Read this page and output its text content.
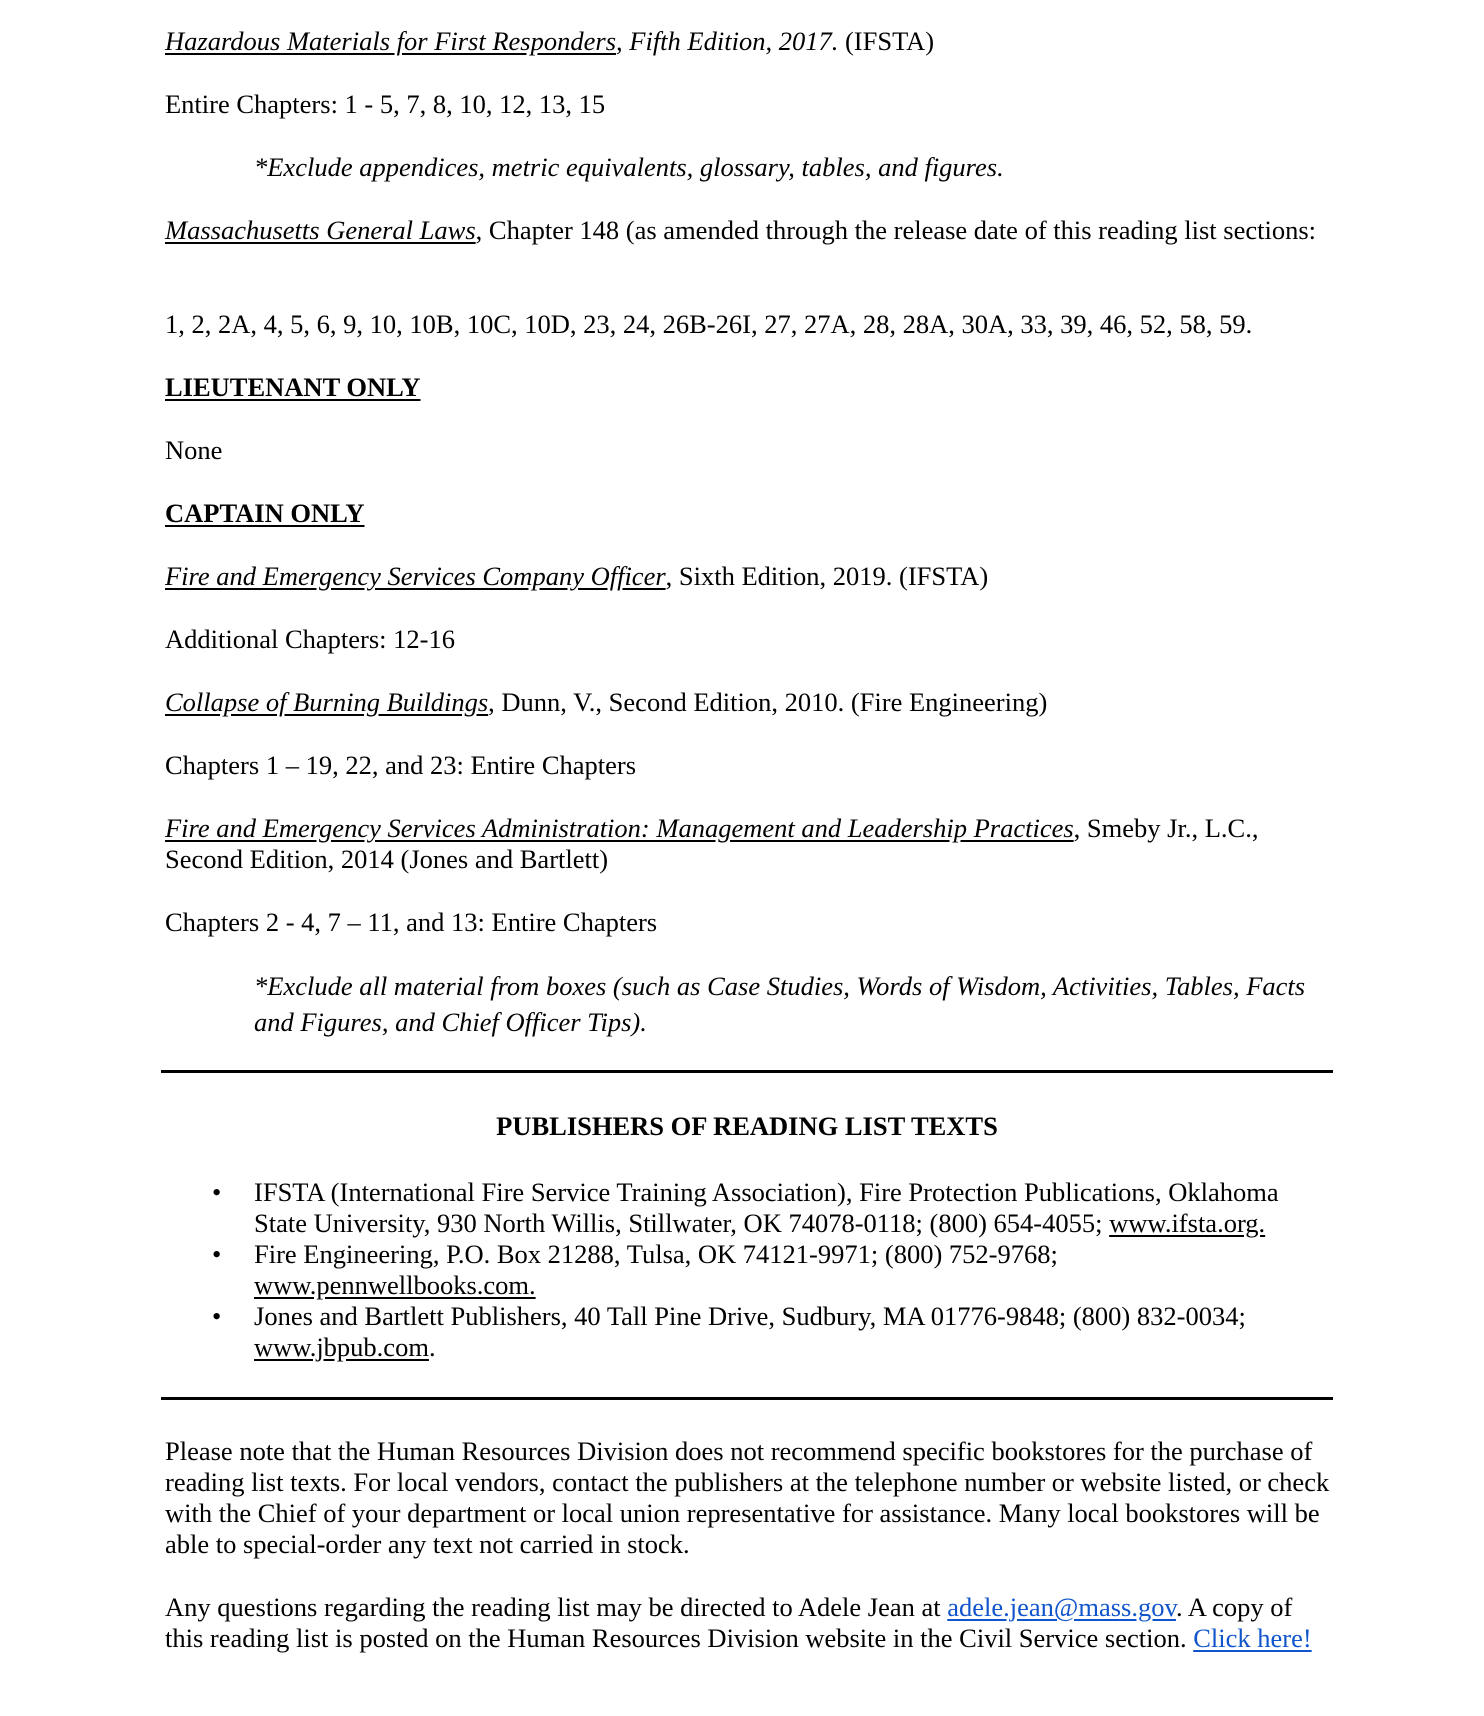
Hazardous Materials for First Responders, Fifth Edition, 2017. (IFSTA)

Entire Chapters: 1 - 5, 7, 8, 10, 12, 13, 15

*Exclude appendices, metric equivalents, glossary, tables, and figures.

Massachusetts General Laws, Chapter 148 (as amended through the release date of this reading list sections:

1, 2, 2A, 4, 5, 6, 9, 10, 10B, 10C, 10D, 23, 24, 26B-26I, 27, 27A, 28, 28A, 30A, 33, 39, 46, 52, 58, 59.

LIEUTENANT ONLY

None

CAPTAIN ONLY

Fire and Emergency Services Company Officer, Sixth Edition, 2019. (IFSTA)

Additional Chapters: 12-16

Collapse of Burning Buildings, Dunn, V., Second Edition, 2010. (Fire Engineering)

Chapters 1 – 19, 22, and 23: Entire Chapters

Fire and Emergency Services Administration: Management and Leadership Practices, Smeby Jr., L.C., Second Edition, 2014 (Jones and Bartlett)

Chapters 2 - 4, 7 – 11, and 13: Entire Chapters

*Exclude all material from boxes (such as Case Studies, Words of Wisdom, Activities, Tables, Facts and Figures, and Chief Officer Tips).

PUBLISHERS OF READING LIST TEXTS

• IFSTA (International Fire Service Training Association), Fire Protection Publications, Oklahoma State University, 930 North Willis, Stillwater, OK 74078-0118; (800) 654-4055; www.ifsta.org.
• Fire Engineering, P.O. Box 21288, Tulsa, OK 74121-9971; (800) 752-9768; www.pennwellbooks.com.
• Jones and Bartlett Publishers, 40 Tall Pine Drive, Sudbury, MA 01776-9848; (800) 832-0034; www.jbpub.com.

Please note that the Human Resources Division does not recommend specific bookstores for the purchase of reading list texts. For local vendors, contact the publishers at the telephone number or website listed, or check with the Chief of your department or local union representative for assistance. Many local bookstores will be able to special-order any text not carried in stock.

Any questions regarding the reading list may be directed to Adele Jean at adele.jean@mass.gov. A copy of this reading list is posted on the Human Resources Division website in the Civil Service section. Click here!
